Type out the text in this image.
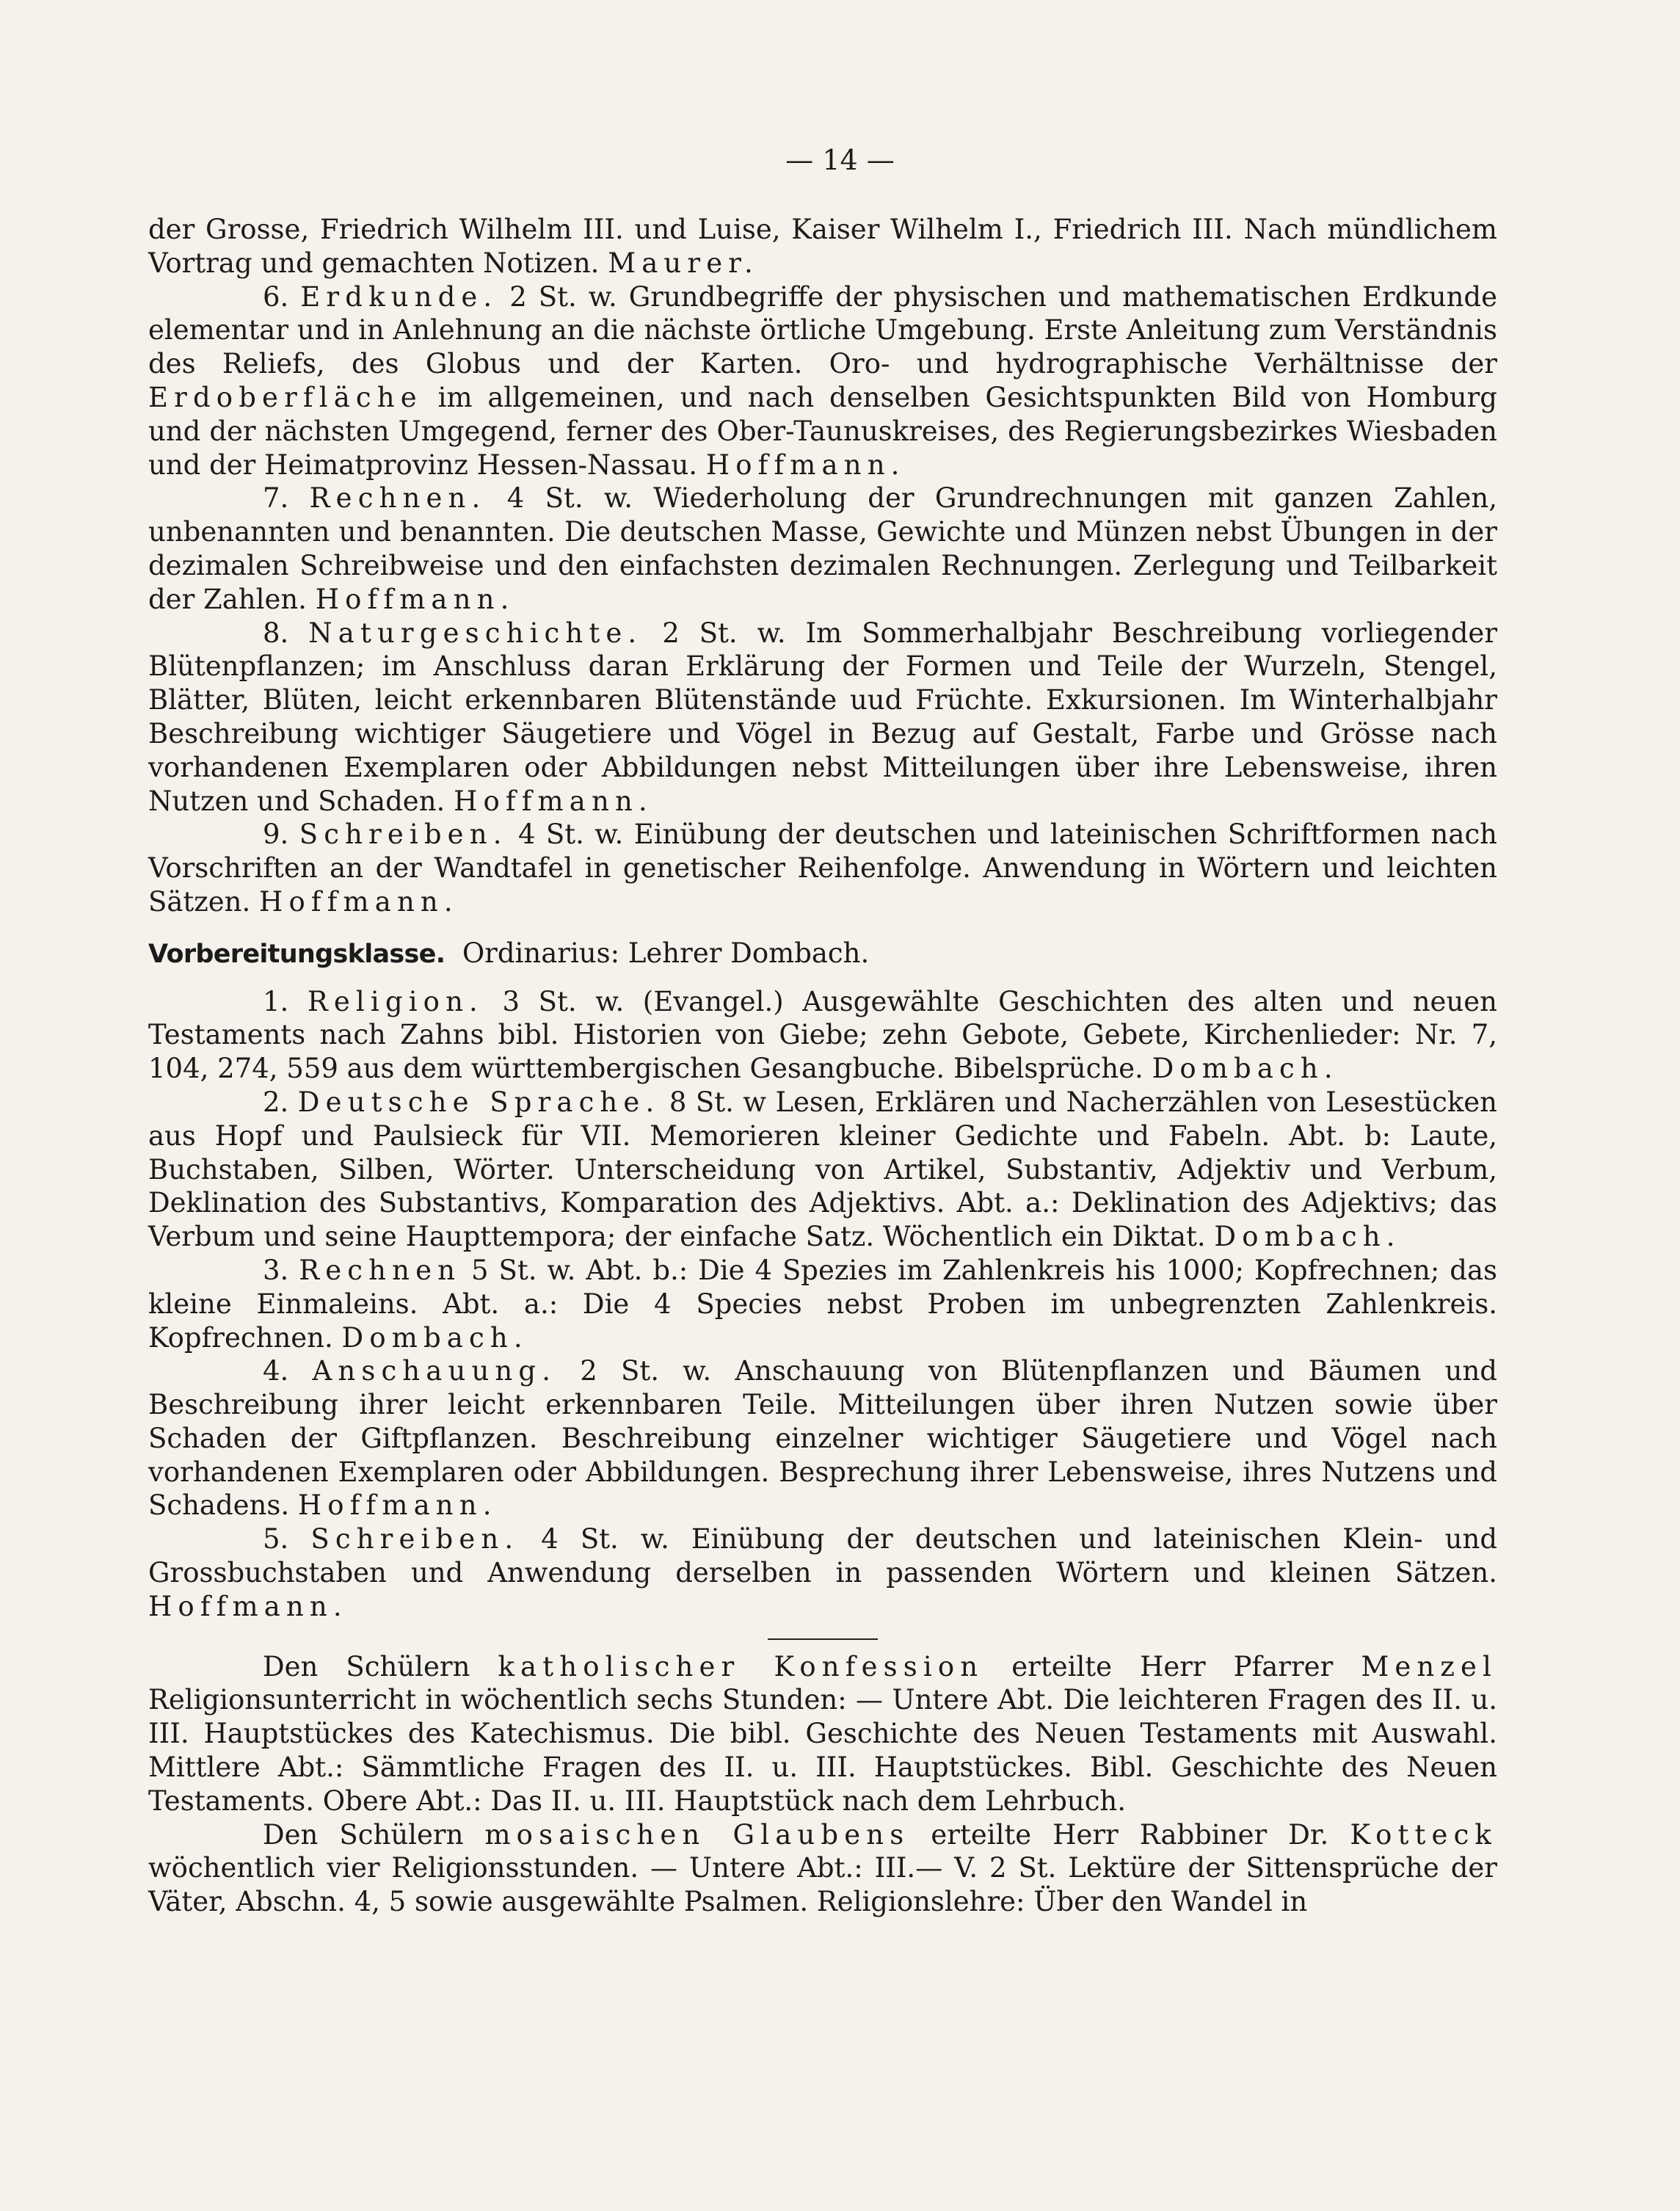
— 14 —

der Grosse, Friedrich Wilhelm III. und Luise, Kaiser Wilhelm I., Friedrich III. Nach mündlichem Vortrag und gemachten Notizen. Maurer.

6. Erdkunde. 2 St. w. Grundbegriffe der physischen und mathematischen Erdkunde elementar und in Anlehnung an die nächste örtliche Umgebung. Erste Anleitung zum Verständnis des Reliefs, des Globus und der Karten. Oro- und hydrographische Verhältnisse der Erdoberfläche im allgemeinen, und nach denselben Gesichtspunkten Bild von Homburg und der nächsten Umgegend, ferner des Ober-Taunuskreises, des Regierungsbezirkes Wiesbaden und der Heimatprovinz Hessen-Nassau. Hoffmann.

7. Rechnen. 4 St. w. Wiederholung der Grundrechnungen mit ganzen Zahlen, unbenannten und benannten. Die deutschen Masse, Gewichte und Münzen nebst Übungen in der dezimalen Schreibweise und den einfachsten dezimalen Rechnungen. Zerlegung und Teilbarkeit der Zahlen. Hoffmann.

8. Naturgeschichte. 2 St. w. Im Sommerhalbjahr Beschreibung vorliegender Blütenpflanzen; im Anschluss daran Erklärung der Formen und Teile der Wurzeln, Stengel, Blätter, Blüten, leicht erkennbaren Blütenstände uud Früchte. Exkursionen. Im Winterhalbjahr Beschreibung wichtiger Säugetiere und Vögel in Bezug auf Gestalt, Farbe und Grösse nach vorhandenen Exemplaren oder Abbildungen nebst Mitteilungen über ihre Lebensweise, ihren Nutzen und Schaden. Hoffmann.

9. Schreiben. 4 St. w. Einübung der deutschen und lateinischen Schriftformen nach Vorschriften an der Wandtafel in genetischer Reihenfolge. Anwendung in Wörtern und leichten Sätzen. Hoffmann.

Vorbereitungsklasse. Ordinarius: Lehrer Dombach.

1. Religion. 3 St. w. (Evangel.) Ausgewählte Geschichten des alten und neuen Testaments nach Zahns bibl. Historien von Giebe; zehn Gebote, Gebete, Kirchenlieder: Nr. 7, 104, 274, 559 aus dem württembergischen Gesangbuche. Bibelsprüche. Dombach.

2. Deutsche Sprache. 8 St. w Lesen, Erklären und Nacherzählen von Lesestücken aus Hopf und Paulsieck für VII. Memorieren kleiner Gedichte und Fabeln. Abt. b: Laute, Buchstaben, Silben, Wörter. Unterscheidung von Artikel, Substantiv, Adjektiv und Verbum, Deklination des Substantivs, Komparation des Adjektivs. Abt. a.: Deklination des Adjektivs; das Verbum und seine Haupttempora; der einfache Satz. Wöchentlich ein Diktat. Dombach.

3. Rechnen 5 St. w. Abt. b.: Die 4 Spezies im Zahlenkreis his 1000; Kopfrechnen; das kleine Einmaleins. Abt. a.: Die 4 Species nebst Proben im unbegrenzten Zahlenkreis. Kopfrechnen. Dombach.

4. Anschauung. 2 St. w. Anschauung von Blütenpflanzen und Bäumen und Beschreibung ihrer leicht erkennbaren Teile. Mitteilungen über ihren Nutzen sowie über Schaden der Giftpflanzen. Beschreibung einzelner wichtiger Säugetiere und Vögel nach vorhandenen Exemplaren oder Abbildungen. Besprechung ihrer Lebensweise, ihres Nutzens und Schadens. Hoffmann.

5. Schreiben. 4 St. w. Einübung der deutschen und lateinischen Klein- und Grossbuchstaben und Anwendung derselben in passenden Wörtern und kleinen Sätzen. Hoffmann.

Den Schülern katholischer Konfession erteilte Herr Pfarrer Menzel Religionsunterricht in wöchentlich sechs Stunden: — Untere Abt. Die leichteren Fragen des II. u. III. Hauptstückes des Katechismus. Die bibl. Geschichte des Neuen Testaments mit Auswahl. Mittlere Abt.: Sämmtliche Fragen des II. u. III. Hauptstückes. Bibl. Geschichte des Neuen Testaments. Obere Abt.: Das II. u. III. Hauptstück nach dem Lehrbuch.

Den Schülern mosaischen Glaubens erteilte Herr Rabbiner Dr. Kotteck wöchentlich vier Religionsstunden. — Untere Abt.: III.— V. 2 St. Lektüre der Sittensprüche der Väter, Abschn. 4, 5 sowie ausgewählte Psalmen. Religionslehre: Über den Wandel in
